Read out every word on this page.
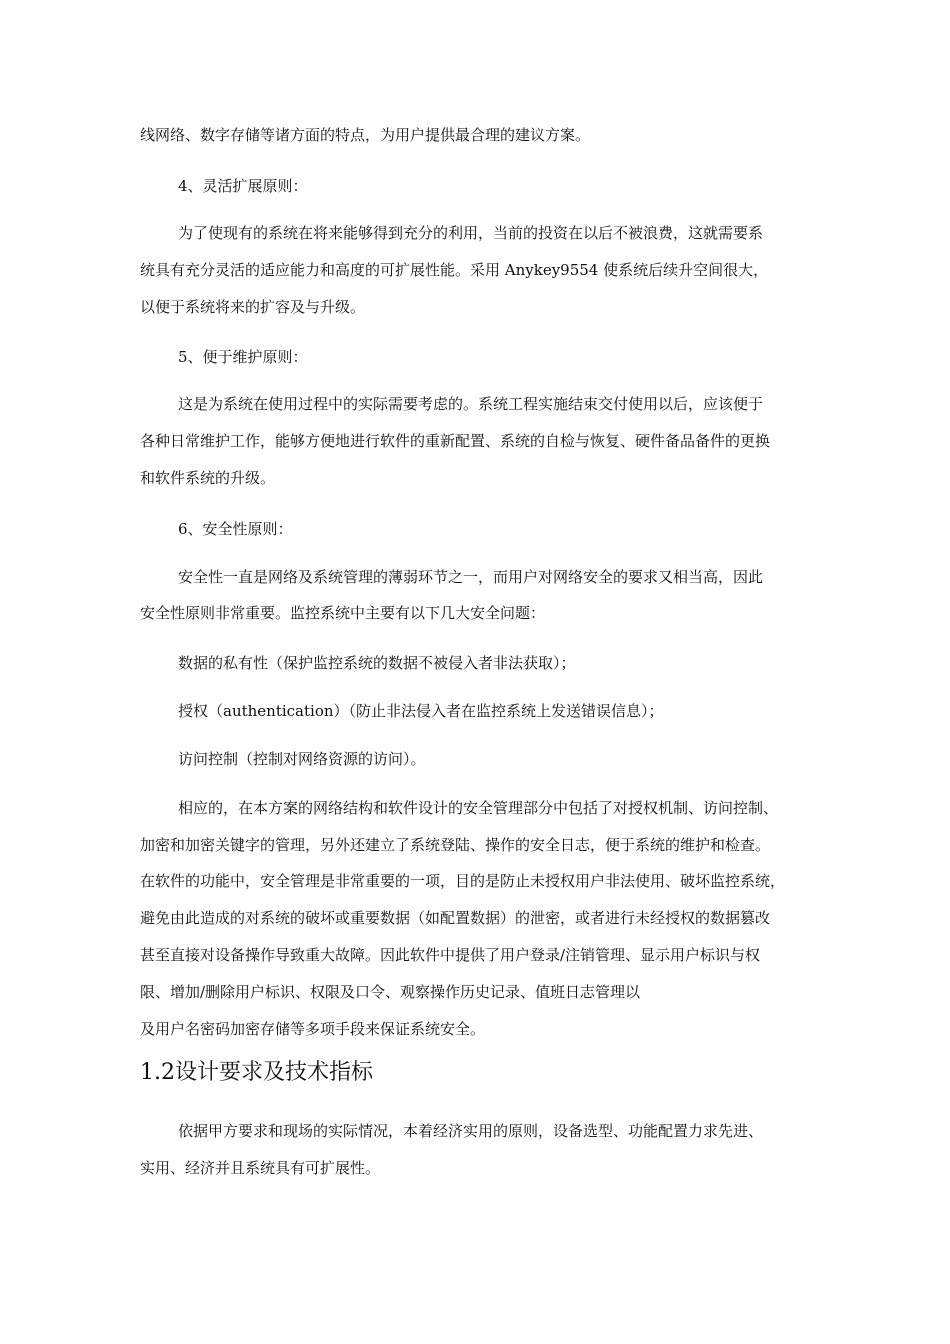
线网络、数字存储等诸方面的特点，为用户提供最合理的建议方案。
4、灵活扩展原则：
为了使现有的系统在将来能够得到充分的利用，当前的投资在以后不被浪费，这就需要系
统具有充分灵活的适应能力和高度的可扩展性能。采用 Anykey9554 使系统后续升空间很大，
以便于系统将来的扩容及与升级。
5、便于维护原则：
这是为系统在使用过程中的实际需要考虑的。系统工程实施结束交付使用以后，应该便于
各种日常维护工作，能够方便地进行软件的重新配置、系统的自检与恢复、硬件备品备件的更换
和软件系统的升级。
6、安全性原则：
安全性一直是网络及系统管理的薄弱环节之一，而用户对网络安全的要求又相当高，因此
安全性原则非常重要。监控系统中主要有以下几大安全问题：
数据的私有性（保护监控系统的数据不被侵入者非法获取）；
授权（authentication）（防止非法侵入者在监控系统上发送错误信息）；
访问控制（控制对网络资源的访问）。
相应的，在本方案的网络结构和软件设计的安全管理部分中包括了对授权机制、访问控制、
加密和加密关键字的管理，另外还建立了系统登陆、操作的安全日志，便于系统的维护和检查。
在软件的功能中，安全管理是非常重要的一项，目的是防止未授权用户非法使用、破坏监控系统，
避免由此造成的对系统的破坏或重要数据（如配置数据）的泄密，或者进行未经授权的数据篡改
甚至直接对设备操作导致重大故障。因此软件中提供了用户登录/注销管理、显示用户标识与权
限、增加/删除用户标识、权限及口令、观察操作历史记录、值班日志管理以
及用户名密码加密存储等多项手段来保证系统安全。
1.2设计要求及技术指标
依据甲方要求和现场的实际情况，本着经济实用的原则，设备选型、功能配置力求先进、
实用、经济并且系统具有可扩展性。
